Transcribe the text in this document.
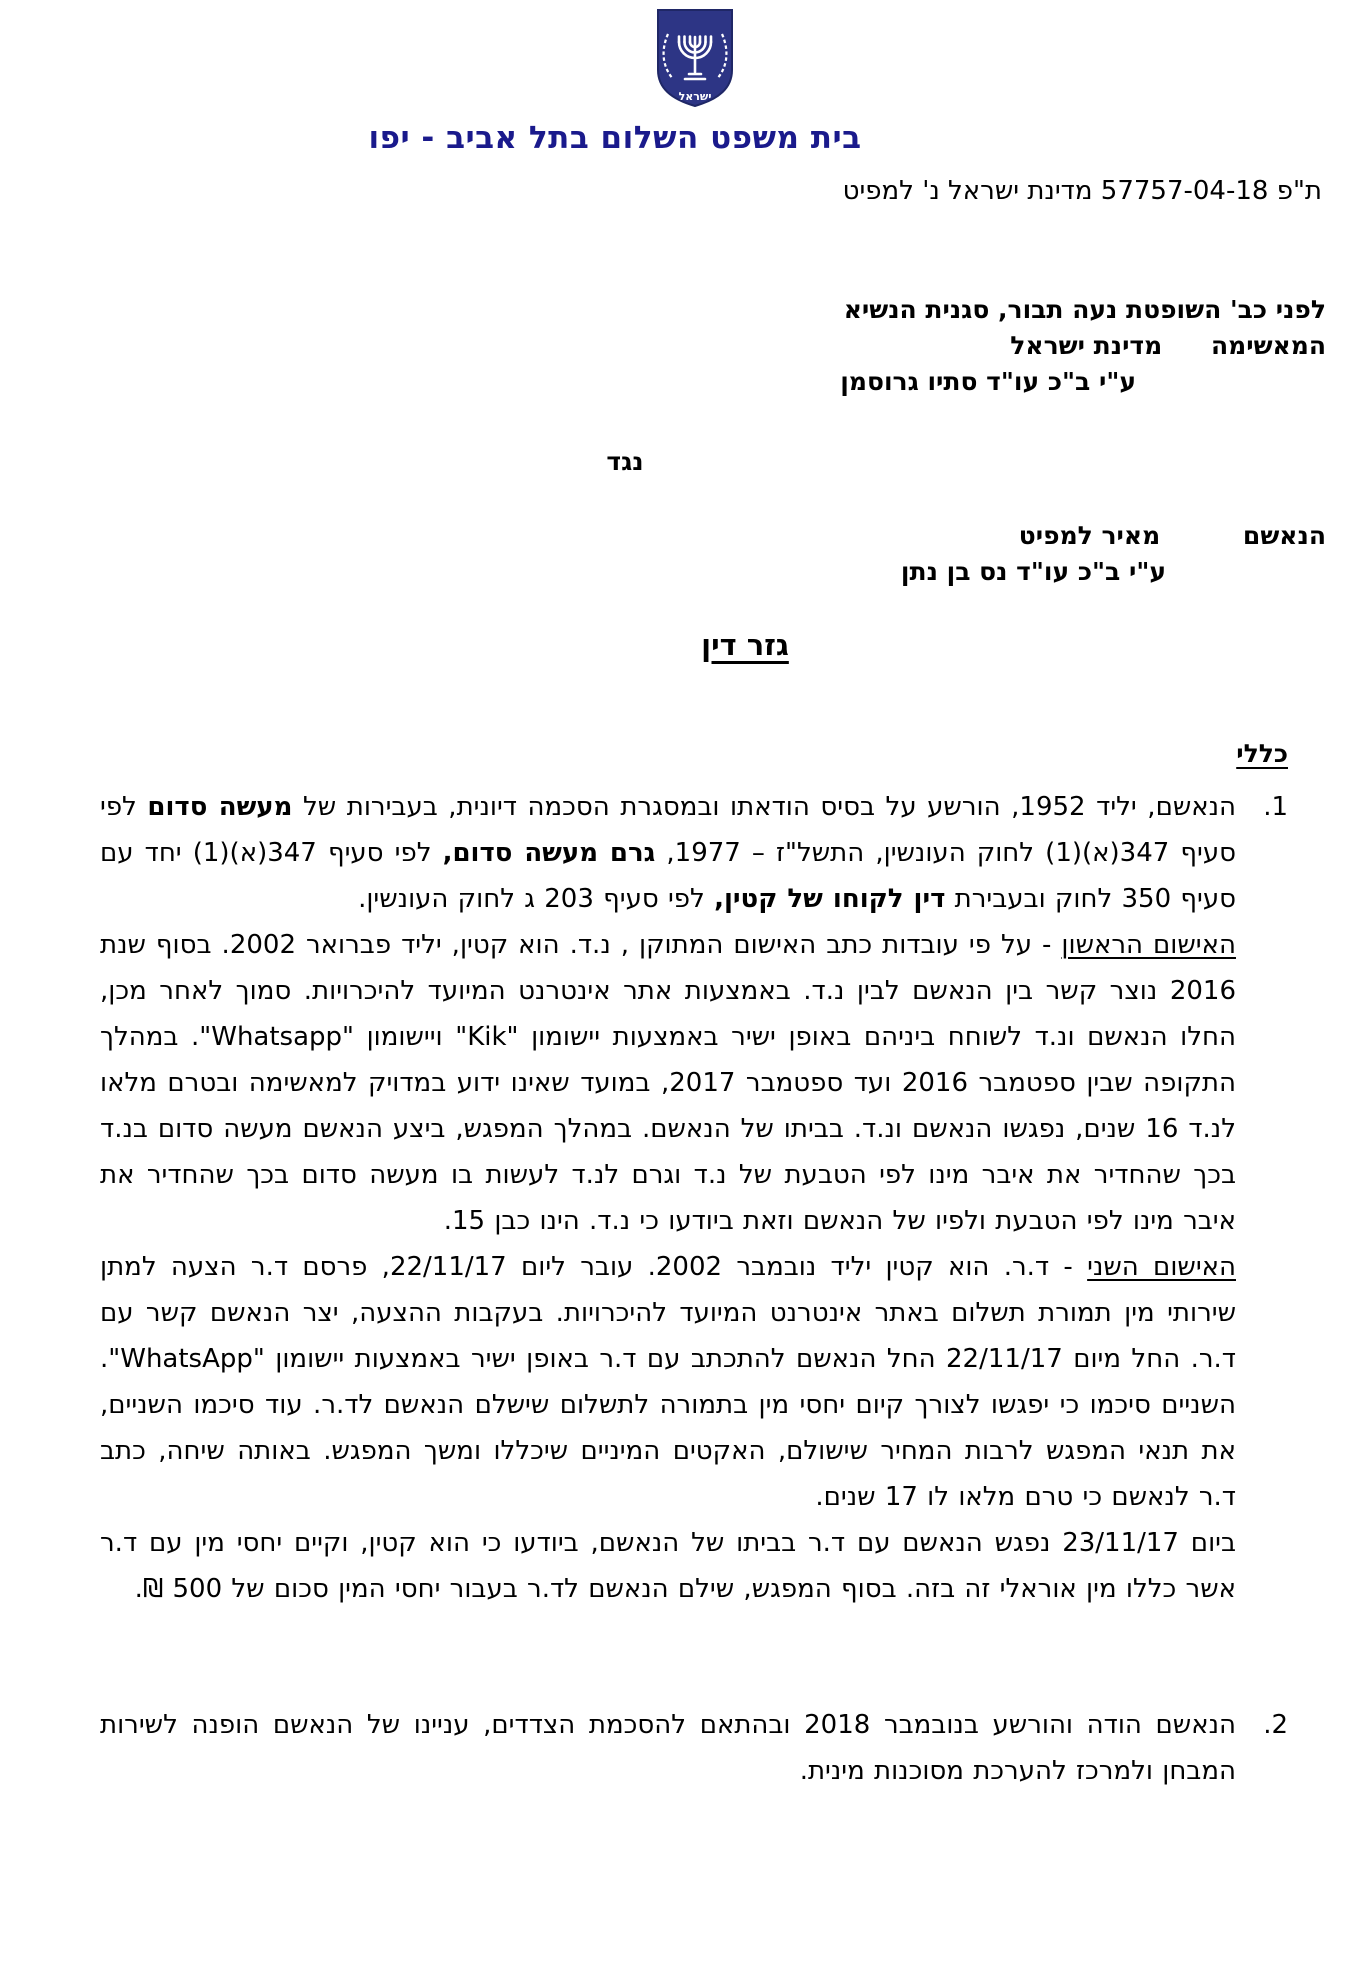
ישראל
בית משפט השלום בתל אביב - יפו
ת"פ 57757-04-18 מדינת ישראל נ' למפיט
לפני כב' השופטת נעה תבור, סגנית הנשיא
המאשימה מדינת ישראל
ע"י ב"כ עו"ד סתיו גרוסמן
נגד
הנאשם מאיר למפיט
ע"י ב"כ עו"ד נס בן נתן
גזר דין
כללי
1.

הנאשם, יליד 1952, הורשע על בסיס הודאתו ובמסגרת הסכמה דיונית, בעבירות של מעשה סדום לפי סעיף 347(א)(1) לחוק העונשין, התשל"ז – 1977, גרם מעשה סדום, לפי סעיף 347(א)(1) יחד עם סעיף 350 לחוק ובעבירת דין לקוחו של קטין, לפי סעיף 203 ג לחוק העונשין.

האישום הראשון - על פי עובדות כתב האישום המתוקן , נ.ד. הוא קטין, יליד פברואר 2002. בסוף שנת 2016 נוצר קשר בין הנאשם לבין נ.ד. באמצעות אתר אינטרנט המיועד להיכרויות. סמוך לאחר מכן, החלו הנאשם ונ.ד לשוחח ביניהם באופן ישיר באמצעות יישומון "Kik" ויישומון "Whatsapp". במהלך התקופה שבין ספטמבר 2016 ועד ספטמבר 2017, במועד שאינו ידוע במדויק למאשימה ובטרם מלאו לנ.ד 16 שנים, נפגשו הנאשם ונ.ד. בביתו של הנאשם. במהלך המפגש, ביצע הנאשם מעשה סדום בנ.ד בכך שהחדיר את איבר מינו לפי הטבעת של נ.ד וגרם לנ.ד לעשות בו מעשה סדום בכך שהחדיר את איבר מינו לפי הטבעת ולפיו של הנאשם וזאת ביודעו כי נ.ד. הינו כבן 15.

האישום השני - ד.ר. הוא קטין יליד נובמבר 2002. עובר ליום 22/11/17, פרסם ד.ר הצעה למתן שירותי מין תמורת תשלום באתר אינטרנט המיועד להיכרויות. בעקבות ההצעה, יצר הנאשם קשר עם ד.ר. החל מיום 22/11/17 החל הנאשם להתכתב עם ד.ר באופן ישיר באמצעות יישומון "WhatsApp". השניים סיכמו כי יפגשו לצורך קיום יחסי מין בתמורה לתשלום שישלם הנאשם לד.ר. עוד סיכמו השניים, את תנאי המפגש לרבות המחיר שישולם, האקטים המיניים שיכללו ומשך המפגש. באותה שיחה, כתב ד.ר לנאשם כי טרם מלאו לו 17 שנים.

ביום 23/11/17 נפגש הנאשם עם ד.ר בביתו של הנאשם, ביודעו כי הוא קטין, וקיים יחסי מין עם ד.ר אשר כללו מין אוראלי זה בזה. בסוף המפגש, שילם הנאשם לד.ר בעבור יחסי המין סכום של 500 ₪.

2.

הנאשם הודה והורשע בנובמבר 2018 ובהתאם להסכמת הצדדים, עניינו של הנאשם הופנה לשירות המבחן ולמרכז להערכת מסוכנות מינית.
